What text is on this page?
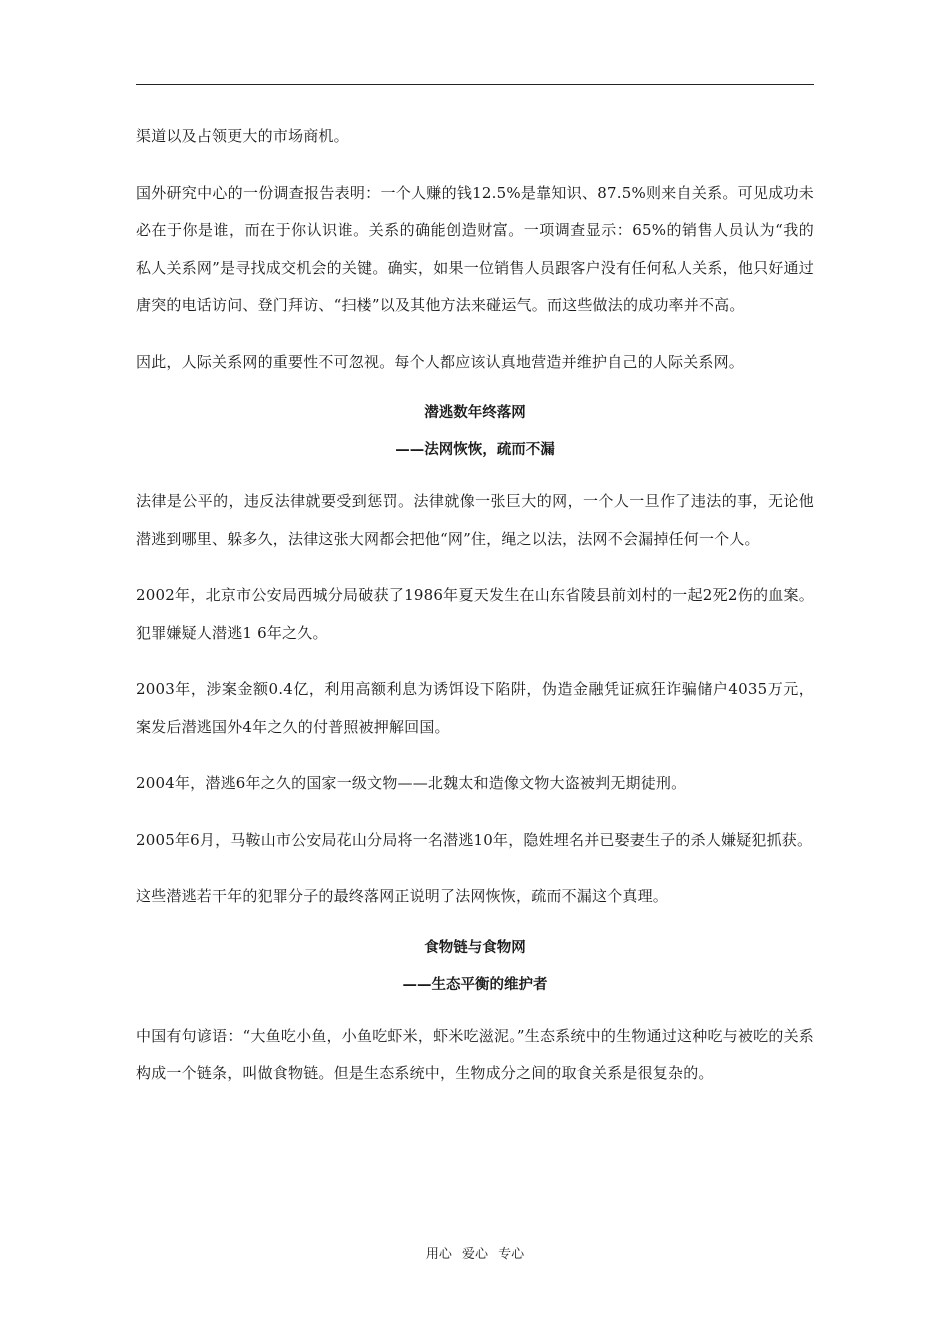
渠道以及占领更大的市场商机。

国外研究中心的一份调查报告表明：一个人赚的钱12.5%是靠知识、87.5%则来自关系。可见成功未必在于你是谁，而在于你认识谁。关系的确能创造财富。一项调查显示：65%的销售人员认为“我的私人关系网”是寻找成交机会的关键。确实，如果一位销售人员跟客户没有任何私人关系，他只好通过唐突的电话访问、登门拜访、“扫楼”以及其他方法来碰运气。而这些做法的成功率并不高。

因此，人际关系网的重要性不可忽视。每个人都应该认真地营造并维护自己的人际关系网。

潜逃数年终落网
——法网恢恢，疏而不漏

法律是公平的，违反法律就要受到惩罚。法律就像一张巨大的网，一个人一旦作了违法的事，无论他潜逃到哪里、躲多久，法律这张大网都会把他“网”住，绳之以法，法网不会漏掉任何一个人。

2002年，北京市公安局西城分局破获了1986年夏天发生在山东省陵县前刘村的一起2死2伤的血案。犯罪嫌疑人潜逃1 6年之久。

2003年，涉案金额0.4亿，利用高额利息为诱饵设下陷阱，伪造金融凭证疯狂诈骗储户4035万元，案发后潜逃国外4年之久的付普照被押解回国。

2004年，潜逃6年之久的国家一级文物——北魏太和造像文物大盗被判无期徒刑。

2005年6月，马鞍山市公安局花山分局将一名潜逃10年，隐姓埋名并已娶妻生子的杀人嫌疑犯抓获。

这些潜逃若干年的犯罪分子的最终落网正说明了法网恢恢，疏而不漏这个真理。

食物链与食物网
——生态平衡的维护者

中国有句谚语：“大鱼吃小鱼，小鱼吃虾米，虾米吃滋泥。”生态系统中的生物通过这种吃与被吃的关系构成一个链条，叫做食物链。但是生态系统中，生物成分之间的取食关系是很复杂的。

用心 爱心 专心
